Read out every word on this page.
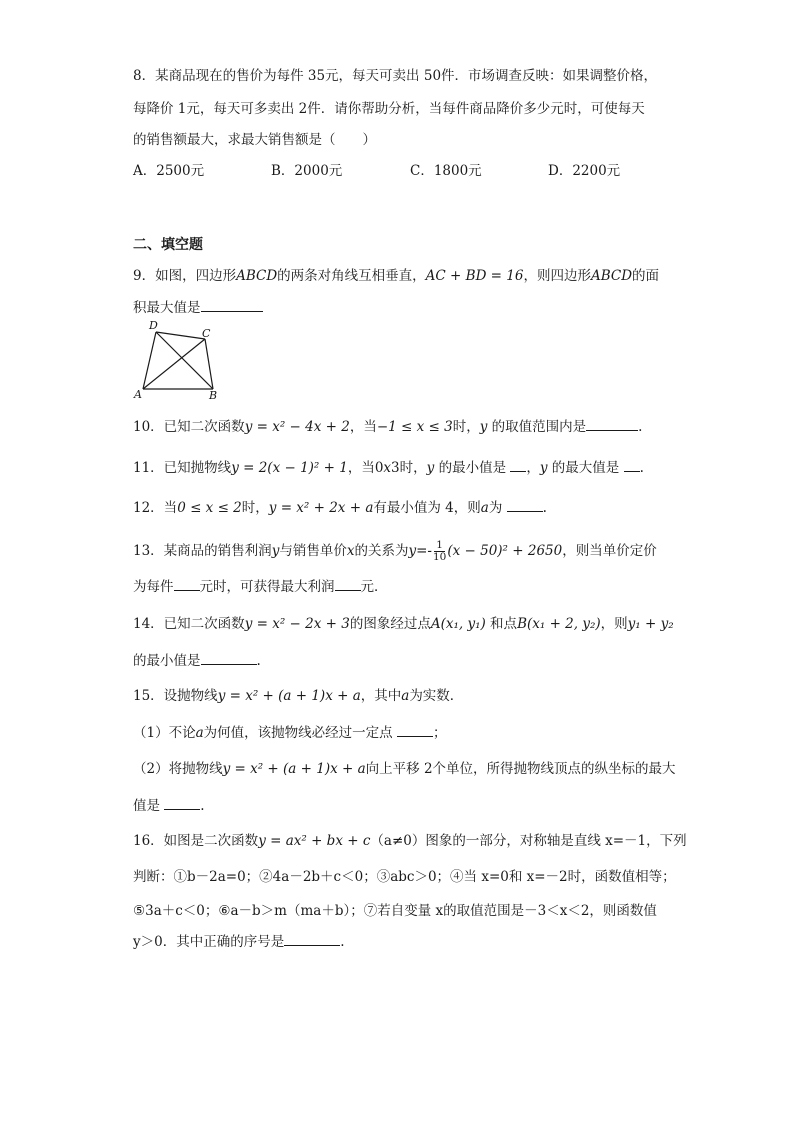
8．某商品现在的售价为每件 35元，每天可卖出 50件．市场调查反映：如果调整价格，
每降价 1元，每天可多卖出 2件．请你帮助分析，当每件商品降价多少元时，可使每天
的销售额最大，求最大销售额是（　　）
A．2500元	B．2000元	C．1800元	D．2200元
二、填空题
9．如图，四边形ABCD的两条对角线互相垂直，AC + BD = 16，则四边形ABCD的面
积最大值是
D
C
A	B
10．已知二次函数y = x² − 4x + 2，当−1 ≤ x ≤ 3时，y 的取值范围内是	.
11．已知抛物线y = 2(x − 1)² + 1，当0x3时，y 的最小值是 ，y 的最大值是 .
12．当0 ≤ x ≤ 2时，y = x² + 2x + a有最小值为 4，则a为	.
13．某商品的销售利润y与销售单价x的关系为$y=- \frac{1}{10} (x - 50)^2 + 2650$，则当单价定价
为每件 元时，可获得最大利润 元．
14．已知二次函数y = x² − 2x + 3的图象经过点A(x₁, y₁) 和点B(x₁ + 2, y₂)，则y₁ + y₂
的最小值是	.
15．设抛物线y = x² + (a + 1)x + a，其中a为实数．
（1）不论a为何值，该抛物线必经过一定点	；
（2）将抛物线y = x² + (a + 1)x + a向上平移 2个单位，所得抛物线顶点的纵坐标的最大
值是	.
16．如图是二次函数y = ax² + bx + c（a≠0）图象的一部分，对称轴是直线 x=－1，下列
判断：①b－2a=0；②4a－2b＋c＜0；③abc＞0；④当 x=0和 x=－2时，函数值相等；
⑤3a＋c＜0；⑥a－b＞m（ma＋b）；⑦若自变量 x的取值范围是－3＜x＜2，则函数值
y＞0．其中正确的序号是	.
